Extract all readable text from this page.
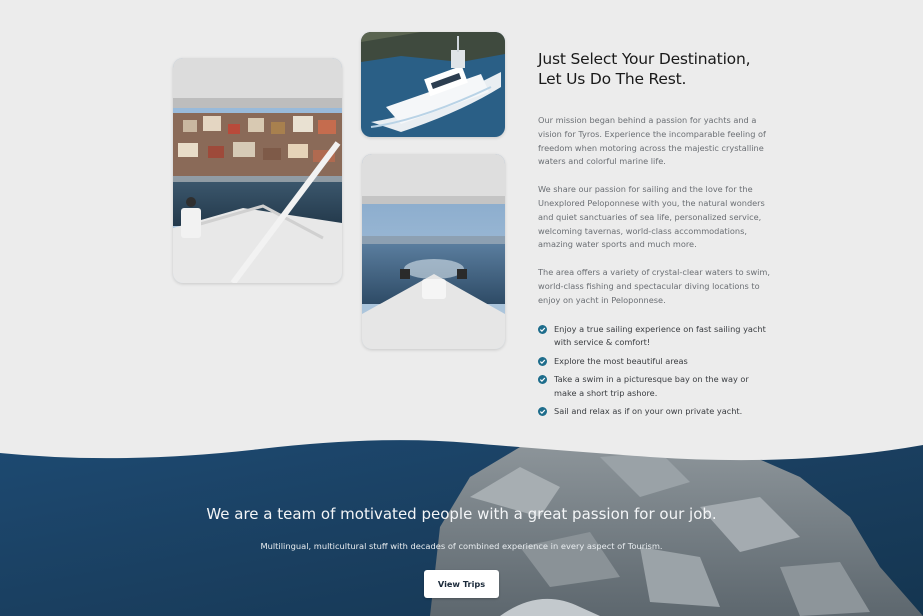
Just Select Your Destination,
Let Us Do The Rest.

Our mission began behind a passion for yachts and a vision for Tyros. Experience the incomparable feeling of freedom when motoring across the majestic crystalline waters and colorful marine life.

We share our passion for sailing and the love for the Unexplored Peloponnese with you, the natural wonders and quiet sanctuaries of sea life, personalized service, welcoming tavernas, world-class accommodations, amazing water sports and much more.

The area offers a variety of crystal-clear waters to swim, world-class fishing and spectacular diving locations to enjoy on yacht in Peloponnese.

Enjoy a true sailing experience on fast sailing yacht with service & comfort!
Explore the most beautiful areas
Take a swim in a picturesque bay on the way or make a short trip ashore.
Sail and relax as if on your own private yacht.
We are a team of motivated people with a great passion for our job.
Multilingual, multicultural stuff with decades of combined experience in every aspect of Tourism.
View Trips
